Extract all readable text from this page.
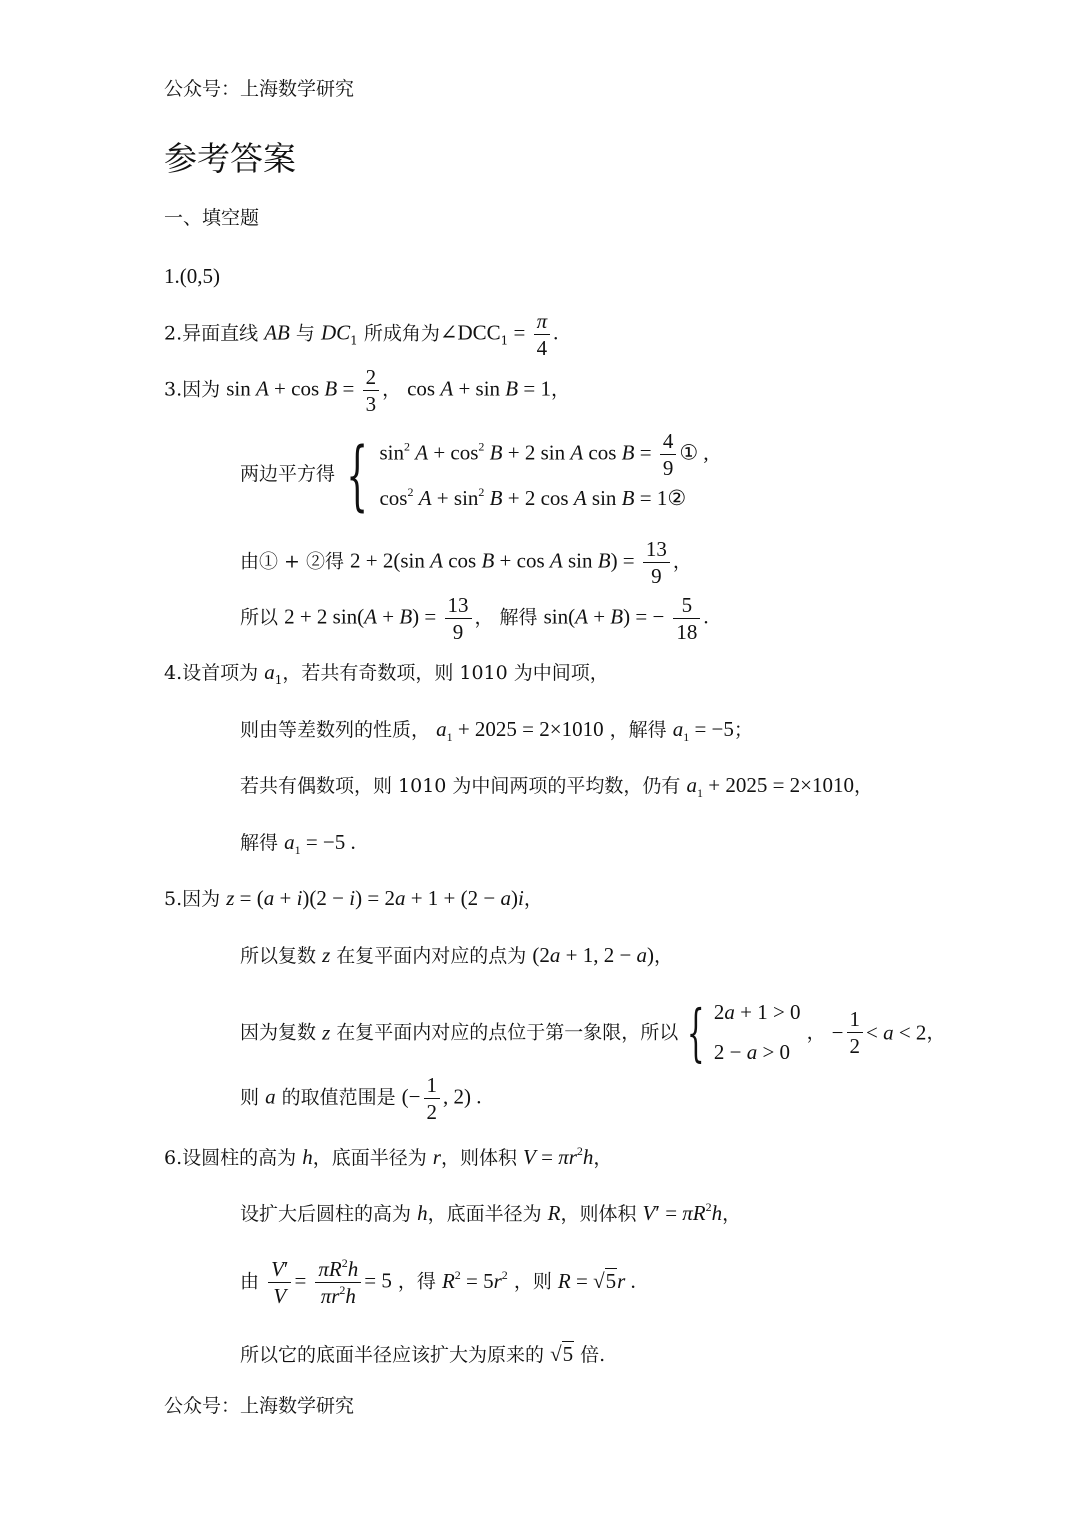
公众号：上海数学研究
参考答案
一、填空题
1.(0,5)
2.异面直线 AB 与 $DC_1$ 所成角为$\angle DCC_1 = \frac{\pi}{4}$ .
3.因为 $\sin A + \cos B = \frac{2}{3}$ ， cos A + sin B = 1，
两边平方得 { $\sin^2 A + \cos^2 B + 2$ sin A $\cos B = \frac{4}{9}$ ① ,
$\cos^2 A + \sin^2 B + 2$ cos A sin B = 1②
由① + ②得 2 + 2(sin A cos B + cos A $\sin B) = \frac{13}{9}$ ，
所以 2 + 2 $\sin(A + B) = \frac{13}{9}$ ， 解得 sin(A + B) = − $\frac{5}{18}$ .
4.设首项为 $a_1$，若共有奇数项，则 1010 为中间项，
则由等差数列的性质， $a_1 + 2025 = 2\times 1010$ ，解得 $a_1 = -5$；
若共有偶数项，则 1010 为中间两项的平均数，仍有 $a_1 + 2025 = 2\times 1010$，
解得 $a_1 = -5$ .
5.因为 z = (a + i)(2 − i) = 2a + 1 + (2 − a)i，
所以复数 z 在复平面内对应的点为 (2a + 1, 2 − a)，
因为复数 z 在复平面内对应的点位于第一象限，所以 { 2a + 1 > 0
2 − a > 0
， − $\frac{1}{2} < a < 2$，
则 a 的取值范围是 (− $\frac{1}{2}$ , 2) .
6.设圆柱的高为 h，底面半径为 r，则体积 $V = \pi r^2h$，
设扩大后圆柱的高为 h，底面半径为 R，则体积 $V' = \pi R^2h$，
由 $\frac{V'}{V} = \frac{\pi R^2h}{\pi r^2h} = 5$ ，得 $R^2 = 5r^2$ ，则 R = √5r .
所以它的底面半径应该扩大为原来的 √5 倍.
公众号：上海数学研究
